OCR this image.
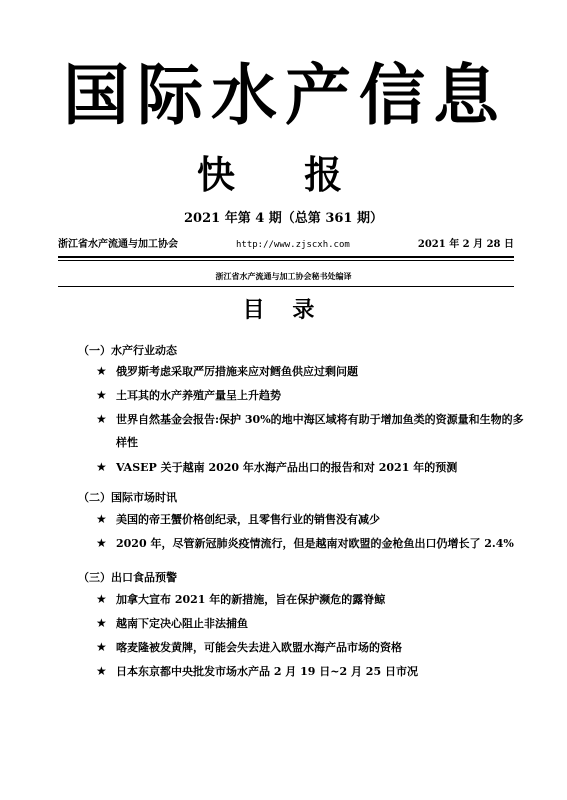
国际水产信息
快 报
2021 年第 4 期（总第 361 期）
浙江省水产流通与加工协会	http://www.zjscxh.com	2021 年 2 月 28 日
浙江省水产流通与加工协会秘书处编译
目 录
（一）水产行业动态
★ 俄罗斯考虑采取严厉措施来应对鳕鱼供应过剩问题
★ 土耳其的水产养殖产量呈上升趋势
★ 世界自然基金会报告:保护 30%的地中海区域将有助于增加鱼类的资源量和生物的多样性
★ VASEP 关于越南 2020 年水海产品出口的报告和对 2021 年的预测
（二）国际市场时讯
★ 美国的帝王蟹价格创纪录，且零售行业的销售没有减少
★ 2020 年，尽管新冠肺炎疫情流行，但是越南对欧盟的金枪鱼出口仍增长了 2.4%
（三）出口食品预警
★ 加拿大宣布 2021 年的新措施，旨在保护濒危的露脊鲸
★ 越南下定决心阻止非法捕鱼
★ 喀麦隆被发黄牌，可能会失去进入欧盟水海产品市场的资格
★ 日本东京都中央批发市场水产品 2 月 19 日~2 月 25 日市况
